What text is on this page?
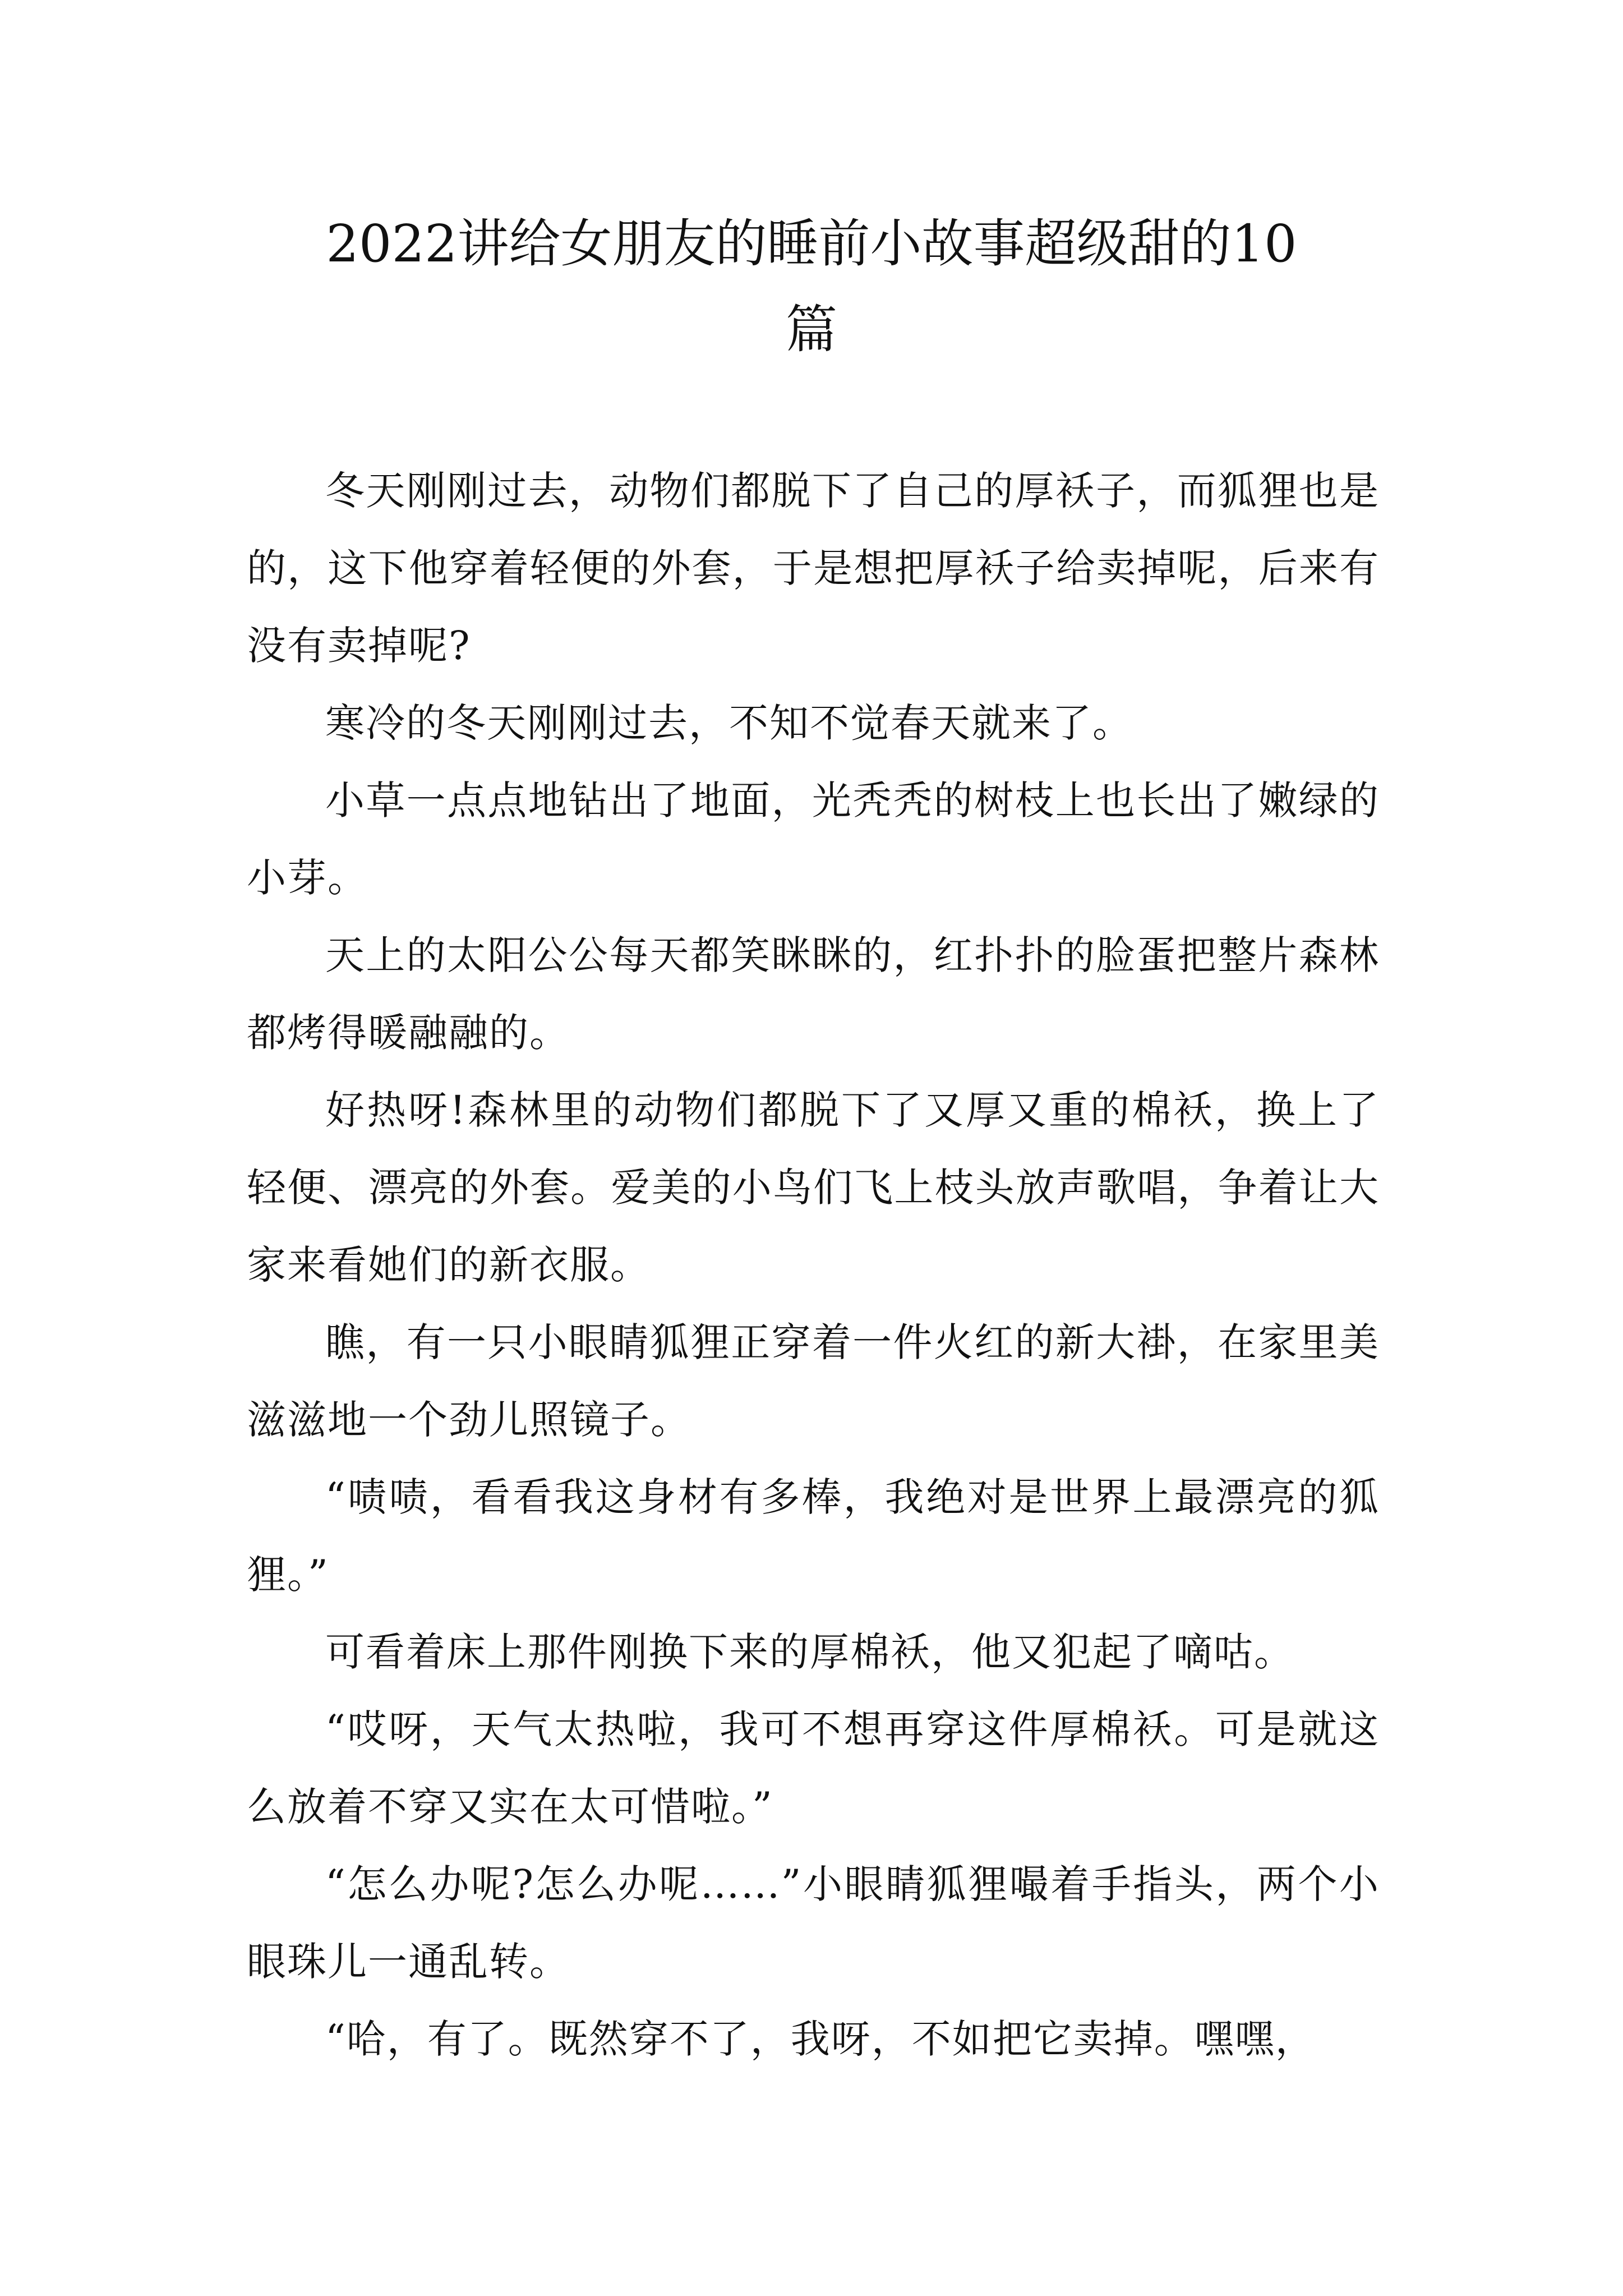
2022讲给女朋友的睡前小故事超级甜的10
篇

冬天刚刚过去，动物们都脱下了自己的厚袄子，而狐狸也是的，这下他穿着轻便的外套，于是想把厚袄子给卖掉呢，后来有没有卖掉呢?

寒冷的冬天刚刚过去，不知不觉春天就来了。

小草一点点地钻出了地面，光秃秃的树枝上也长出了嫩绿的小芽。

天上的太阳公公每天都笑眯眯的，红扑扑的脸蛋把整片森林都烤得暖融融的。

好热呀!森林里的动物们都脱下了又厚又重的棉袄，换上了轻便、漂亮的外套。爱美的小鸟们飞上枝头放声歌唱，争着让大家来看她们的新衣服。

瞧，有一只小眼睛狐狸正穿着一件火红的新大褂，在家里美滋滋地一个劲儿照镜子。

“啧啧，看看我这身材有多棒，我绝对是世界上最漂亮的狐狸。”

可看着床上那件刚换下来的厚棉袄，他又犯起了嘀咕。

“哎呀，天气太热啦，我可不想再穿这件厚棉袄。可是就这么放着不穿又实在太可惜啦。”

“怎么办呢?怎么办呢……”小眼睛狐狸嘬着手指头，两个小眼珠儿一通乱转。

“哈，有了。既然穿不了，我呀，不如把它卖掉。嘿嘿，
